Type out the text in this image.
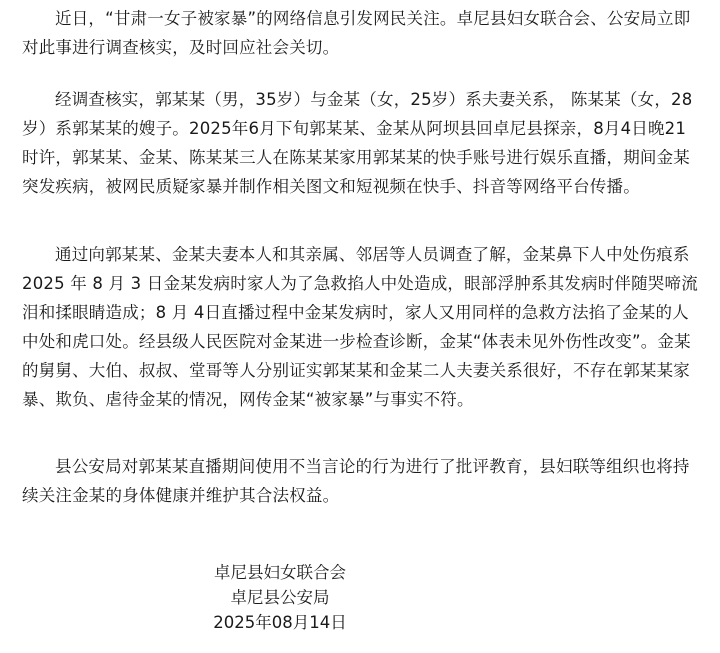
近日，“甘肃一女子被家暴”的网络信息引发网民关注。卓尼县妇女联合会、公安局立即对此事进行调查核实，及时回应社会关切。

经调查核实，郭某某（男，35岁）与金某（女，25岁）系夫妻关系， 陈某某（女，28岁）系郭某某的嫂子。2025年6月下旬郭某某、金某从阿坝县回卓尼县探亲，8月4日晚21时许，郭某某、金某、陈某某三人在陈某某家用郭某某的快手账号进行娱乐直播，期间金某突发疾病，被网民质疑家暴并制作相关图文和短视频在快手、抖音等网络平台传播。

通过向郭某某、金某夫妻本人和其亲属、邻居等人员调查了解，金某鼻下人中处伤痕系2025 年 8 月 3 日金某发病时家人为了急救掐人中处造成，眼部浮肿系其发病时伴随哭啼流泪和揉眼睛造成；8 月 4日直播过程中金某发病时，家人又用同样的急救方法掐了金某的人中处和虎口处。经县级人民医院对金某进一步检查诊断，金某“体表未见外伤性改变”。金某的舅舅、大伯、叔叔、堂哥等人分别证实郭某某和金某二人夫妻关系很好，不存在郭某某家暴、欺负、虐待金某的情况，网传金某“被家暴”与事实不符。

县公安局对郭某某直播期间使用不当言论的行为进行了批评教育，县妇联等组织也将持续关注金某的身体健康并维护其合法权益。

卓尼县妇女联合会
卓尼县公安局
2025年08月14日
